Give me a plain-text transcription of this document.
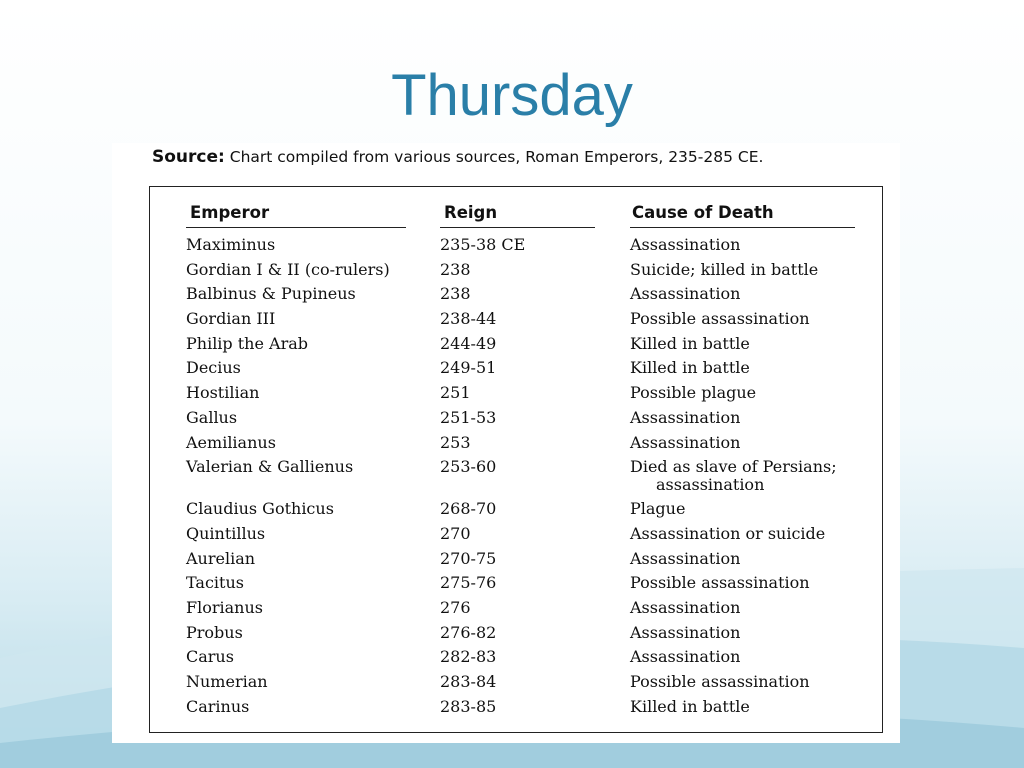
Thursday
Source: Chart compiled from various sources, Roman Emperors, 235-285 CE.
Emperor	Reign	Cause of Death
Maximinus	235-38 CE	Assassination
Gordian I & II (co-rulers)	238	Suicide; killed in battle
Balbinus & Pupineus	238	Assassination
Gordian III	238-44	Possible assassination
Philip the Arab	244-49	Killed in battle
Decius	249-51	Killed in battle
Hostilian	251	Possible plague
Gallus	251-53	Assassination
Aemilianus	253	Assassination
Valerian & Gallienus	253-60	Died as slave of Persians;
assassination
Claudius Gothicus	268-70	Plague
Quintillus	270	Assassination or suicide
Aurelian	270-75	Assassination
Tacitus	275-76	Possible assassination
Florianus	276	Assassination
Probus	276-82	Assassination
Carus	282-83	Assassination
Numerian	283-84	Possible assassination
Carinus	283-85	Killed in battle
